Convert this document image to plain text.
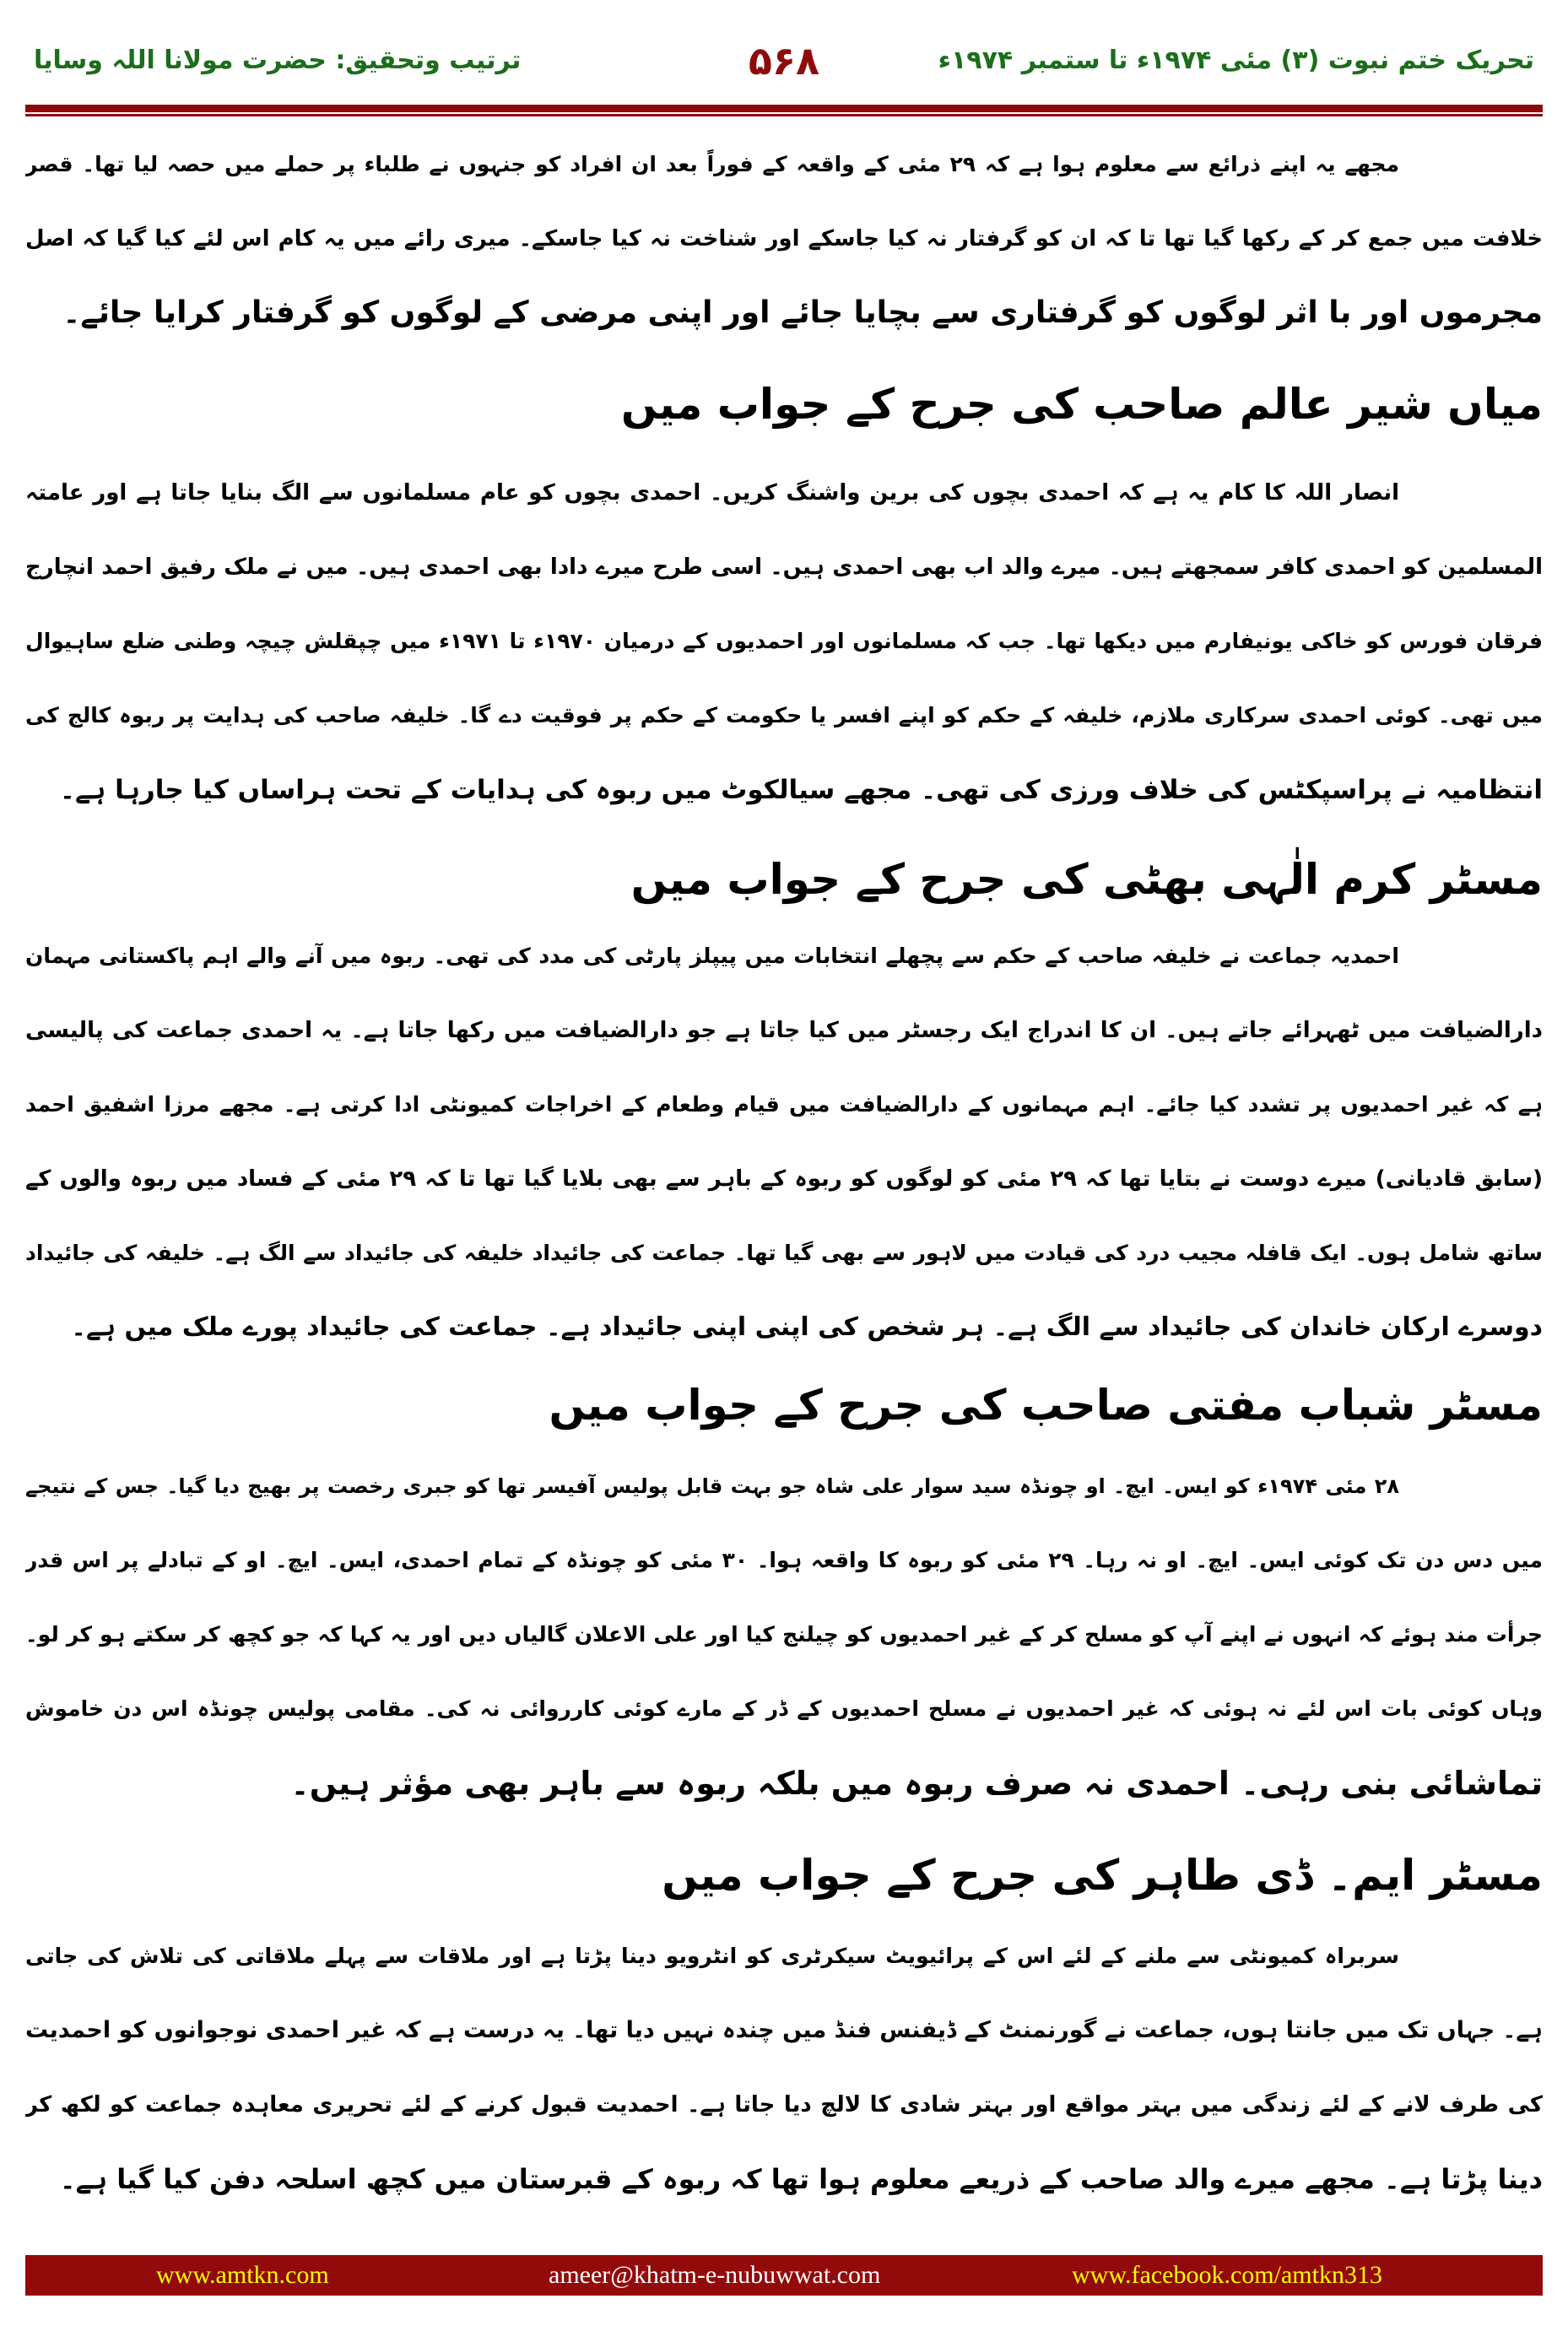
تحریک ختم نبوت (۳) مئی ۱۹۷۴ء تا ستمبر ۱۹۷۴ء
۵۶۸
ترتیب وتحقیق: حضرت مولانا اللہ وسایا
مجھے یہ اپنے ذرائع سے معلوم ہوا ہے کہ ۲۹ مئی کے واقعہ کے فوراً بعد ان افراد کو جنہوں نے طلباء پر حملے میں حصہ لیا تھا۔ قصر
خلافت میں جمع کر کے رکھا گیا تھا تا کہ ان کو گرفتار نہ کیا جاسکے اور شناخت نہ کیا جاسکے۔ میری رائے میں یہ کام اس لئے کیا گیا کہ اصل
مجرموں اور با اثر لوگوں کو گرفتاری سے بچایا جائے اور اپنی مرضی کے لوگوں کو گرفتار کرایا جائے۔
میاں شیر عالم صاحب کی جرح کے جواب میں
انصار اللہ کا کام یہ ہے کہ احمدی بچوں کی برین واشنگ کریں۔ احمدی بچوں کو عام مسلمانوں سے الگ بنایا جاتا ہے اور عامتہ
المسلمین کو احمدی کافر سمجھتے ہیں۔ میرے والد اب بھی احمدی ہیں۔ اسی طرح میرے دادا بھی احمدی ہیں۔ میں نے ملک رفیق احمد انچارج
فرقان فورس کو خاکی یونیفارم میں دیکھا تھا۔ جب کہ مسلمانوں اور احمدیوں کے درمیان ۱۹۷۰ء تا ۱۹۷۱ء میں چپقلش چیچہ وطنی ضلع ساہیوال
میں تھی۔ کوئی احمدی سرکاری ملازم، خلیفہ کے حکم کو اپنے افسر یا حکومت کے حکم پر فوقیت دے گا۔ خلیفہ صاحب کی ہدایت پر ربوہ کالج کی
انتظامیہ نے پراسپکٹس کی خلاف ورزی کی تھی۔ مجھے سیالکوٹ میں ربوہ کی ہدایات کے تحت ہراساں کیا جارہا ہے۔
مسٹر کرم الٰہی بھٹی کی جرح کے جواب میں
احمدیہ جماعت نے خلیفہ صاحب کے حکم سے پچھلے انتخابات میں پیپلز پارٹی کی مدد کی تھی۔ ربوہ میں آنے والے اہم پاکستانی مہمان
دارالضیافت میں ٹھہرائے جاتے ہیں۔ ان کا اندراج ایک رجسٹر میں کیا جاتا ہے جو دارالضیافت میں رکھا جاتا ہے۔ یہ احمدی جماعت کی پالیسی
ہے کہ غیر احمدیوں پر تشدد کیا جائے۔ اہم مہمانوں کے دارالضیافت میں قیام وطعام کے اخراجات کمیونٹی ادا کرتی ہے۔ مجھے مرزا اشفیق احمد
(سابق قادیانی) میرے دوست نے بتایا تھا کہ ۲۹ مئی کو لوگوں کو ربوہ کے باہر سے بھی بلایا گیا تھا تا کہ ۲۹ مئی کے فساد میں ربوہ والوں کے
ساتھ شامل ہوں۔ ایک قافلہ مجیب درد کی قیادت میں لاہور سے بھی گیا تھا۔ جماعت کی جائیداد خلیفہ کی جائیداد سے الگ ہے۔ خلیفہ کی جائیداد
دوسرے ارکان خاندان کی جائیداد سے الگ ہے۔ ہر شخص کی اپنی اپنی جائیداد ہے۔ جماعت کی جائیداد پورے ملک میں ہے۔
مسٹر شباب مفتی صاحب کی جرح کے جواب میں
۲۸ مئی ۱۹۷۴ء کو ایس۔ ایچ۔ او چونڈہ سید سوار علی شاہ جو بہت قابل پولیس آفیسر تھا کو جبری رخصت پر بھیج دیا گیا۔ جس کے نتیجے
میں دس دن تک کوئی ایس۔ ایچ۔ او نہ رہا۔ ۲۹ مئی کو ربوہ کا واقعہ ہوا۔ ۳۰ مئی کو چونڈہ کے تمام احمدی، ایس۔ ایچ۔ او کے تبادلے پر اس قدر
جرأت مند ہوئے کہ انہوں نے اپنے آپ کو مسلح کر کے غیر احمدیوں کو چیلنج کیا اور علی الاعلان گالیاں دیں اور یہ کہا کہ جو کچھ کر سکتے ہو کر لو۔
وہاں کوئی بات اس لئے نہ ہوئی کہ غیر احمدیوں نے مسلح احمدیوں کے ڈر کے مارے کوئی کارروائی نہ کی۔ مقامی پولیس چونڈہ اس دن خاموش
تماشائی بنی رہی۔ احمدی نہ صرف ربوہ میں بلکہ ربوہ سے باہر بھی مؤثر ہیں۔
مسٹر ایم۔ ڈی طاہر کی جرح کے جواب میں
سربراہ کمیونٹی سے ملنے کے لئے اس کے پرائیویٹ سیکرٹری کو انٹرویو دینا پڑتا ہے اور ملاقات سے پہلے ملاقاتی کی تلاش کی جاتی
ہے۔ جہاں تک میں جانتا ہوں، جماعت نے گورنمنٹ کے ڈیفنس فنڈ میں چندہ نہیں دیا تھا۔ یہ درست ہے کہ غیر احمدی نوجوانوں کو احمدیت
کی طرف لانے کے لئے زندگی میں بہتر مواقع اور بہتر شادی کا لالچ دیا جاتا ہے۔ احمدیت قبول کرنے کے لئے تحریری معاہدہ جماعت کو لکھ کر
دینا پڑتا ہے۔ مجھے میرے والد صاحب کے ذریعے معلوم ہوا تھا کہ ربوہ کے قبرستان میں کچھ اسلحہ دفن کیا گیا ہے۔
www.amtkn.com	ameer@khatm-e-nubuwwat.com	www.facebook.com/amtkn313
